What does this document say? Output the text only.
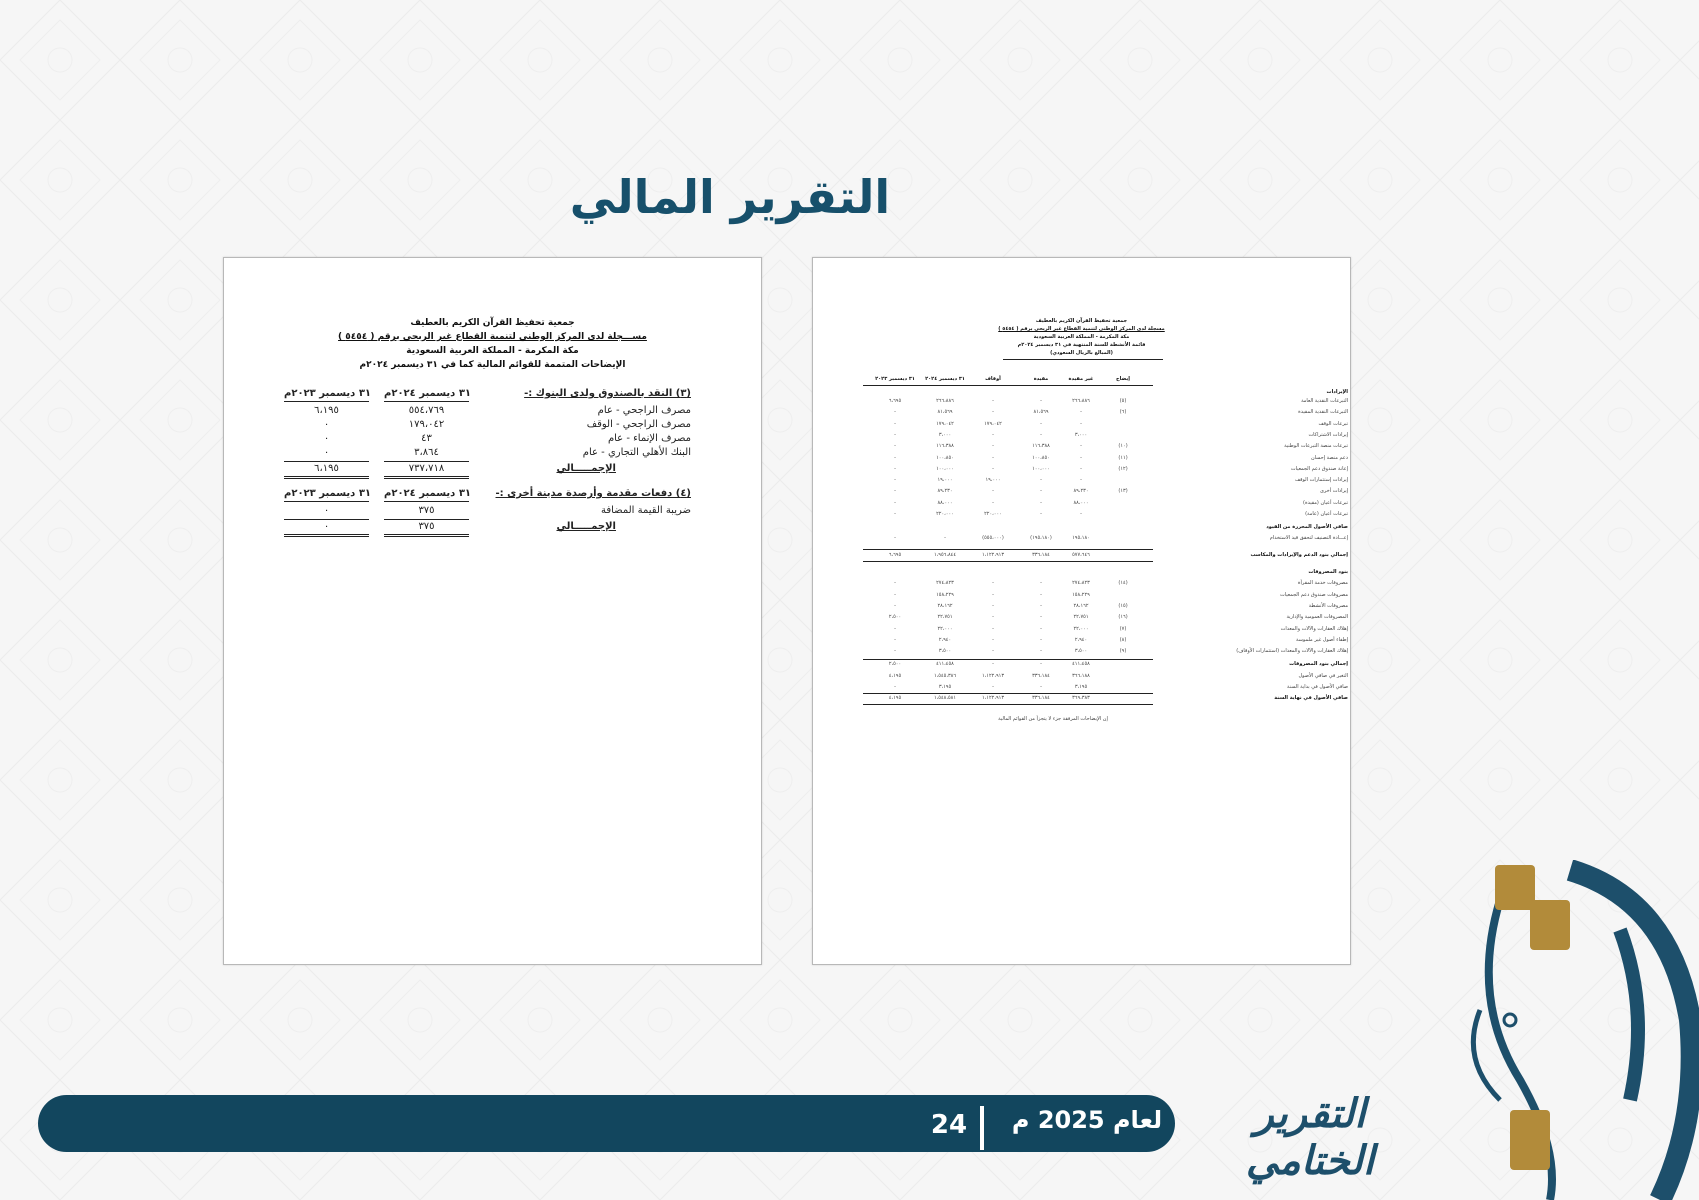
التقرير المالي
جمعية تحفيظ القرآن الكريم بالعطيف
مســـجلة لدى المركز الوطني لتنمية القطاع غير الربحي برقم ( ٥٤٥٤ )
مكة المكرمة - المملكة العربية السعودية
الإيضاحات المتممة للقوائم المالية كما في ٣١ ديسمبر ٢٠٢٤م
(٣) النقد بالصندوق ولدى البنوك :-
٣١ ديسمبر ٢٠٢٤م
٣١ ديسمبر ٢٠٢٣م
مصرف الراجحي - عام
٥٥٤،٧٦٩
٦،١٩٥
مصرف الراجحي - الوقف
١٧٩،٠٤٢
٠
مصرف الإنماء - عام
٤٣
٠
البنك الأهلي التجاري - عام
٣،٨٦٤
٠
الإجمـــــالي
٧٣٧،٧١٨
٦،١٩٥
(٤) دفعات مقدمة وأرصدة مدينة أخرى :-
٣١ ديسمبر ٢٠٢٤م
٣١ ديسمبر ٢٠٢٣م
ضريبة القيمة المضافة
٣٧٥
٠
الإجمـــــالي
٣٧٥
٠
جمعية تحفيظ القرآن الكريم بالعطيف
مسجلة لدى المركز الوطني لتنمية القطاع غير الربحي برقم ( ٥٤٥٤ )
مكة المكرمة - المملكة العربية السعودية
قائمة الأنشطة للسنة المنتهية في ٣١ ديسمبر ٢٠٢٤م
(المبالغ بالريال السعودي)
إيضاح
غير مقيدة
مقيدة
أوقاف
٣١ ديسمبر ٢٠٢٤
٣١ ديسمبر ٢٠٢٣
الإيرادات
التبرعات النقدية العامة
(٥)
٢٦٦،٨٨٦
-
-
٢٦٦،٨٨٦
٦،٦٩٥
التبرعات النقدية المقيدة
(٦)
-
٨١،٥٦٩
-
٨١،٥٦٩
-
تبرعات الوقف
-
-
١٧٩،٠٤٢
١٧٩،٠٤٢
-
إيرادات الاشتراكات
٣،٠٠٠
-
-
٣،٠٠٠
-
تبرعات منصة التبرعات الوطنية
(١٠)
-
١١٦،٣٨٨
-
١١٦،٣٨٨
-
دعم منصة إحسان
(١١)
-
١٠٠،٨٥٠
-
١٠٠،٨٥٠
-
إعانة صندوق دعم الجمعيات
(١٢)
-
١٠٠،٠٠٠
-
١٠٠،٠٠٠
-
إيرادات إستثمارات الوقف
-
-
١٩،٠٠٠
١٩،٠٠٠
-
إيرادات أخرى
(١٣)
٨٩،٢٣٠
-
-
٨٩،٢٣٠
-
تبرعات أعيان (مقيدة)
٨٨،٠٠٠
-
-
٨٨،٠٠٠
-
تبرعات أعيان (عامة)
-
-
٢٢٠،٠٠٠
٢٢٠،٠٠٠
-
صافي الأصول المحررة من القيود
إعـــادة التصنيف لتحقق قيد الاستخدام
١٩٥،١٨٠
(١٩٥،١٨٠)
(٥٥٥،٠٠٠)
-
-
إجمالي بنود الدعم والإيرادات والمكاسب
٥٧٧،٦٤٦
٣٣٦،١٨٤
١،١٢٢،٩١٣
١،٩٥٦،٨٤٤
٦،٦٩٥
بنود المصروفات
مصروفات خدمة المقرأة
(١٤)
٢٧٤،٨٢٣
-
-
٢٧٤،٨٢٣
-
مصروفات صندوق دعم الجمعيات
١٥٨،٢٢٩
-
-
١٥٨،٢٢٩
-
مصروفات الأنشطة
(١٥)
٢٨،١٦٢
-
-
٢٨،١٦٢
-
المصروفات العمومية والإدارية
(١٦)
٢٢،٧٥١
-
-
٢٢،٧٥١
٢،٥٠٠
إهلاك العقارات والآلات والمعدات
(٧)
٢٢،٠٠٠
-
-
٢٢،٠٠٠
-
إطفاء أصول غير ملموسة
(٨)
٢،٩٤٠
-
-
٢،٩٤٠
-
إهلاك العقارات والآلات والمعدات (استثمارات الأوقاف)
(٩)
٣،٥٠٠
-
-
٣،٥٠٠
-
إجمالي بنود المصروفات
٤١١،٤٥٨
-
-
٤١١،٤٥٨
٢،٥٠٠
التغير في صافي الأصول
٣٦٦،١٨٨
٣٣٦،١٨٤
١،١٢٢،٩١٣
١،٥٤٥،٣٨٦
٤،١٩٥
صافي الأصول في بداية السنة
٣،١٩٥
-
-
٣،١٩٥
-
صافي الأصول في نهاية السنة
٣٦٩،٣٨٣
٣٣٦،١٨٤
١،١٢٢،٩١٣
١،٥٤٨،٥٨١
٤،١٩٥
إن الإيضاحات المرفقة جزء لا يتجزأ من القوائم المالية
لعام 2025 م
24	التقرير الختامي
